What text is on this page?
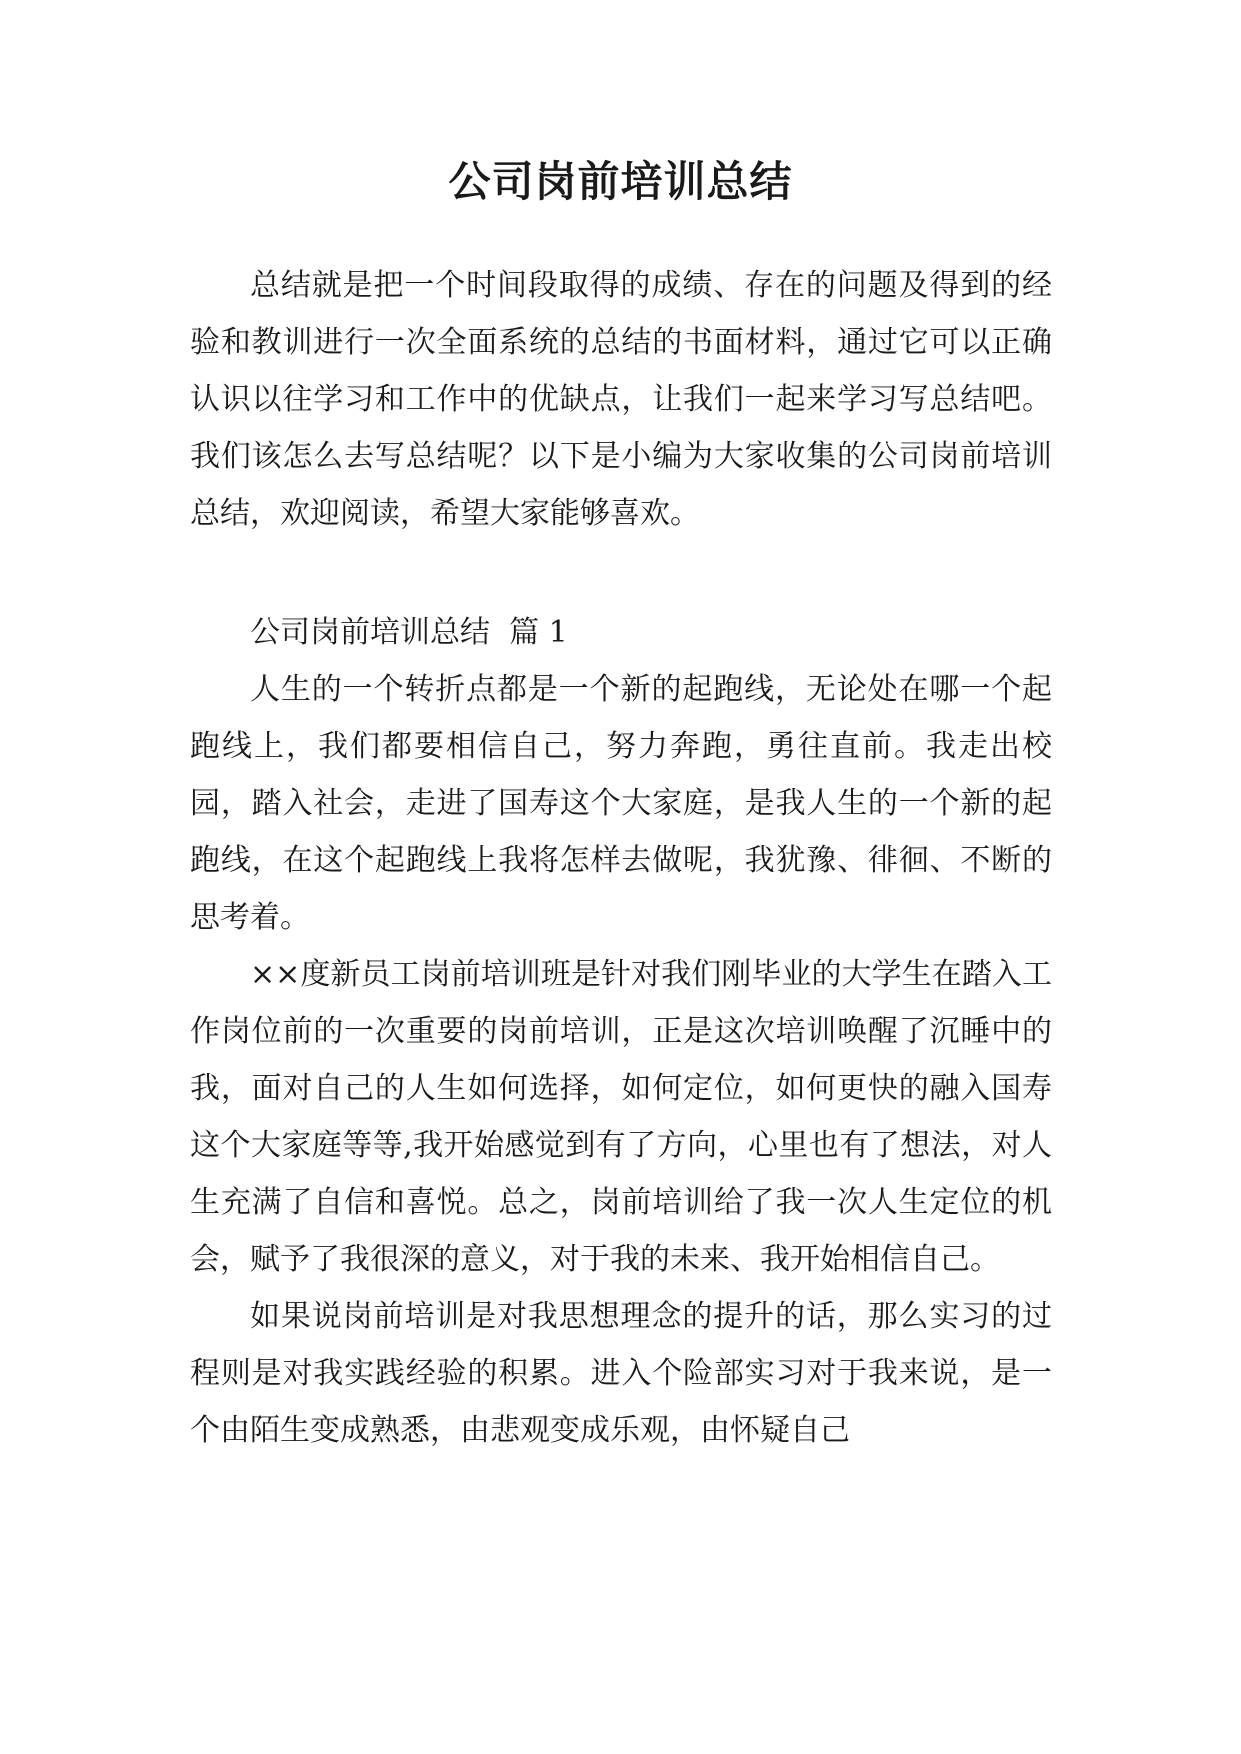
公司岗前培训总结

总结就是把一个时间段取得的成绩、存在的问题及得到的经验和教训进行一次全面系统的总结的书面材料，通过它可以正确认识以往学习和工作中的优缺点，让我们一起来学习写总结吧。我们该怎么去写总结呢？以下是小编为大家收集的公司岗前培训总结，欢迎阅读，希望大家能够喜欢。

公司岗前培训总结  篇 1

人生的一个转折点都是一个新的起跑线，无论处在哪一个起跑线上，我们都要相信自己，努力奔跑，勇往直前。我走出校园，踏入社会，走进了国寿这个大家庭，是我人生的一个新的起跑线，在这个起跑线上我将怎样去做呢，我犹豫、徘徊、不断的思考着。

××度新员工岗前培训班是针对我们刚毕业的大学生在踏入工作岗位前的一次重要的岗前培训，正是这次培训唤醒了沉睡中的我，面对自己的人生如何选择，如何定位，如何更快的融入国寿这个大家庭等等,我开始感觉到有了方向，心里也有了想法，对人生充满了自信和喜悦。总之，岗前培训给了我一次人生定位的机会，赋予了我很深的意义，对于我的未来、我开始相信自己。

如果说岗前培训是对我思想理念的提升的话，那么实习的过程则是对我实践经验的积累。进入个险部实习对于我来说，是一个由陌生变成熟悉，由悲观变成乐观，由怀疑自己
